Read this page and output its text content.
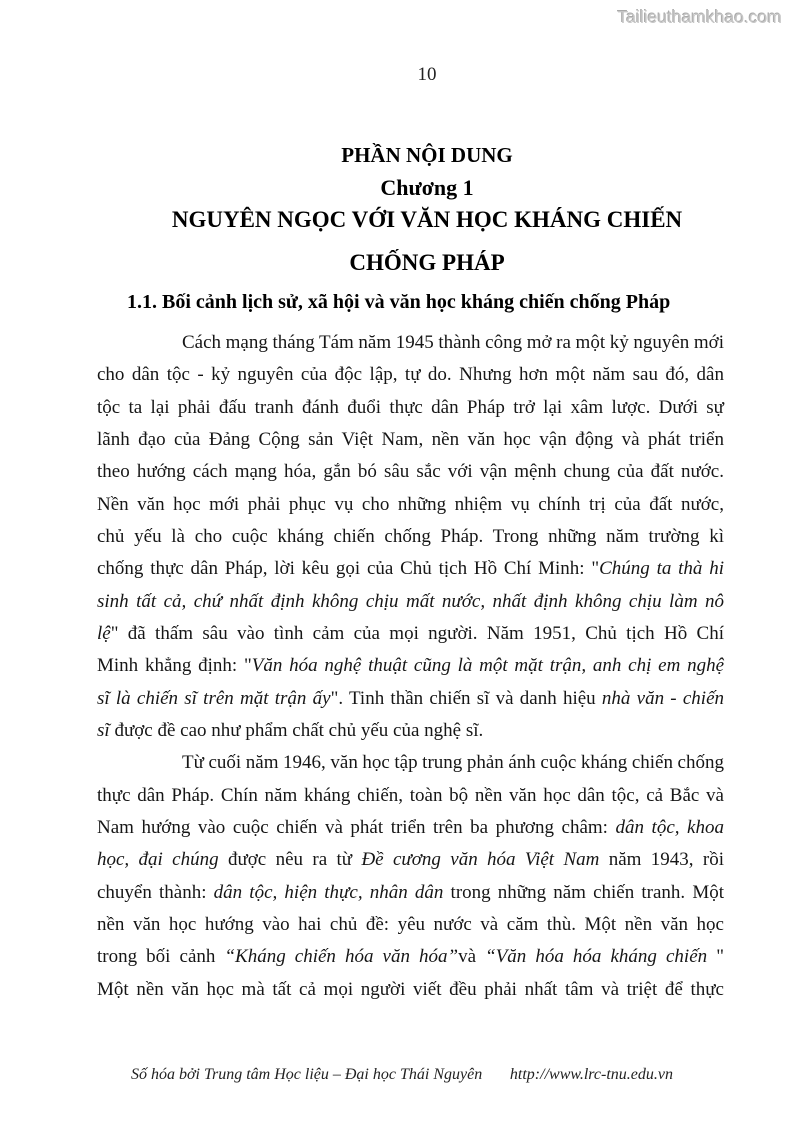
Tailieuthamkhao.com
10
PHẦN NỘI DUNG
Chương 1
NGUYÊN NGỌC VỚI VĂN HỌC KHÁNG CHIẾN
CHỐNG PHÁP
1.1. Bối cảnh lịch sử, xã hội và văn học kháng chiến chống Pháp
Cách mạng tháng Tám năm 1945 thành công mở ra một kỷ nguyên mới
cho dân tộc - kỷ nguyên của độc lập, tự do. Nhưng hơn một năm sau đó, dân
tộc ta lại phải đấu tranh đánh đuổi thực dân Pháp trở lại xâm lược. Dưới sự
lãnh đạo của Đảng Cộng sản Việt Nam, nền văn học vận động và phát triển
theo hướng cách mạng hóa, gắn bó sâu sắc với vận mệnh chung của đất nước.
Nền văn học mới phải phục vụ cho những nhiệm vụ chính trị của đất nước,
chủ yếu là cho cuộc kháng chiến chống Pháp. Trong những năm trường kì
chống thực dân Pháp, lời kêu gọi của Chủ tịch Hồ Chí Minh: "Chúng ta thà hi
sinh tất cả, chứ nhất định không chịu mất nước, nhất định không chịu làm nô
lệ" đã thấm sâu vào tình cảm của mọi người. Năm 1951, Chủ tịch Hồ Chí
Minh khẳng định: "Văn hóa nghệ thuật cũng là một mặt trận, anh chị em nghệ
sĩ là chiến sĩ trên mặt trận ấy". Tinh thần chiến sĩ và danh hiệu nhà văn - chiến
sĩ được đề cao như phẩm chất chủ yếu của nghệ sĩ.
Từ cuối năm 1946, văn học tập trung phản ánh cuộc kháng chiến chống
thực dân Pháp. Chín năm kháng chiến, toàn bộ nền văn học dân tộc, cả Bắc và
Nam hướng vào cuộc chiến và phát triển trên ba phương châm: dân tộc, khoa
học, đại chúng được nêu ra từ Đề cương văn hóa Việt Nam năm 1943, rồi
chuyển thành: dân tộc, hiện thực, nhân dân trong những năm chiến tranh. Một
nền văn học hướng vào hai chủ đề: yêu nước và căm thù. Một nền văn học
trong bối cảnh “Kháng chiến hóa văn hóa”và “Văn hóa hóa kháng chiến "
Một nền văn học mà tất cả mọi người viết đều phải nhất tâm và triệt để thực
Số hóa bởi Trung tâm Học liệu – Đại học Thái Nguyên http://www.lrc-tnu.edu.vn
